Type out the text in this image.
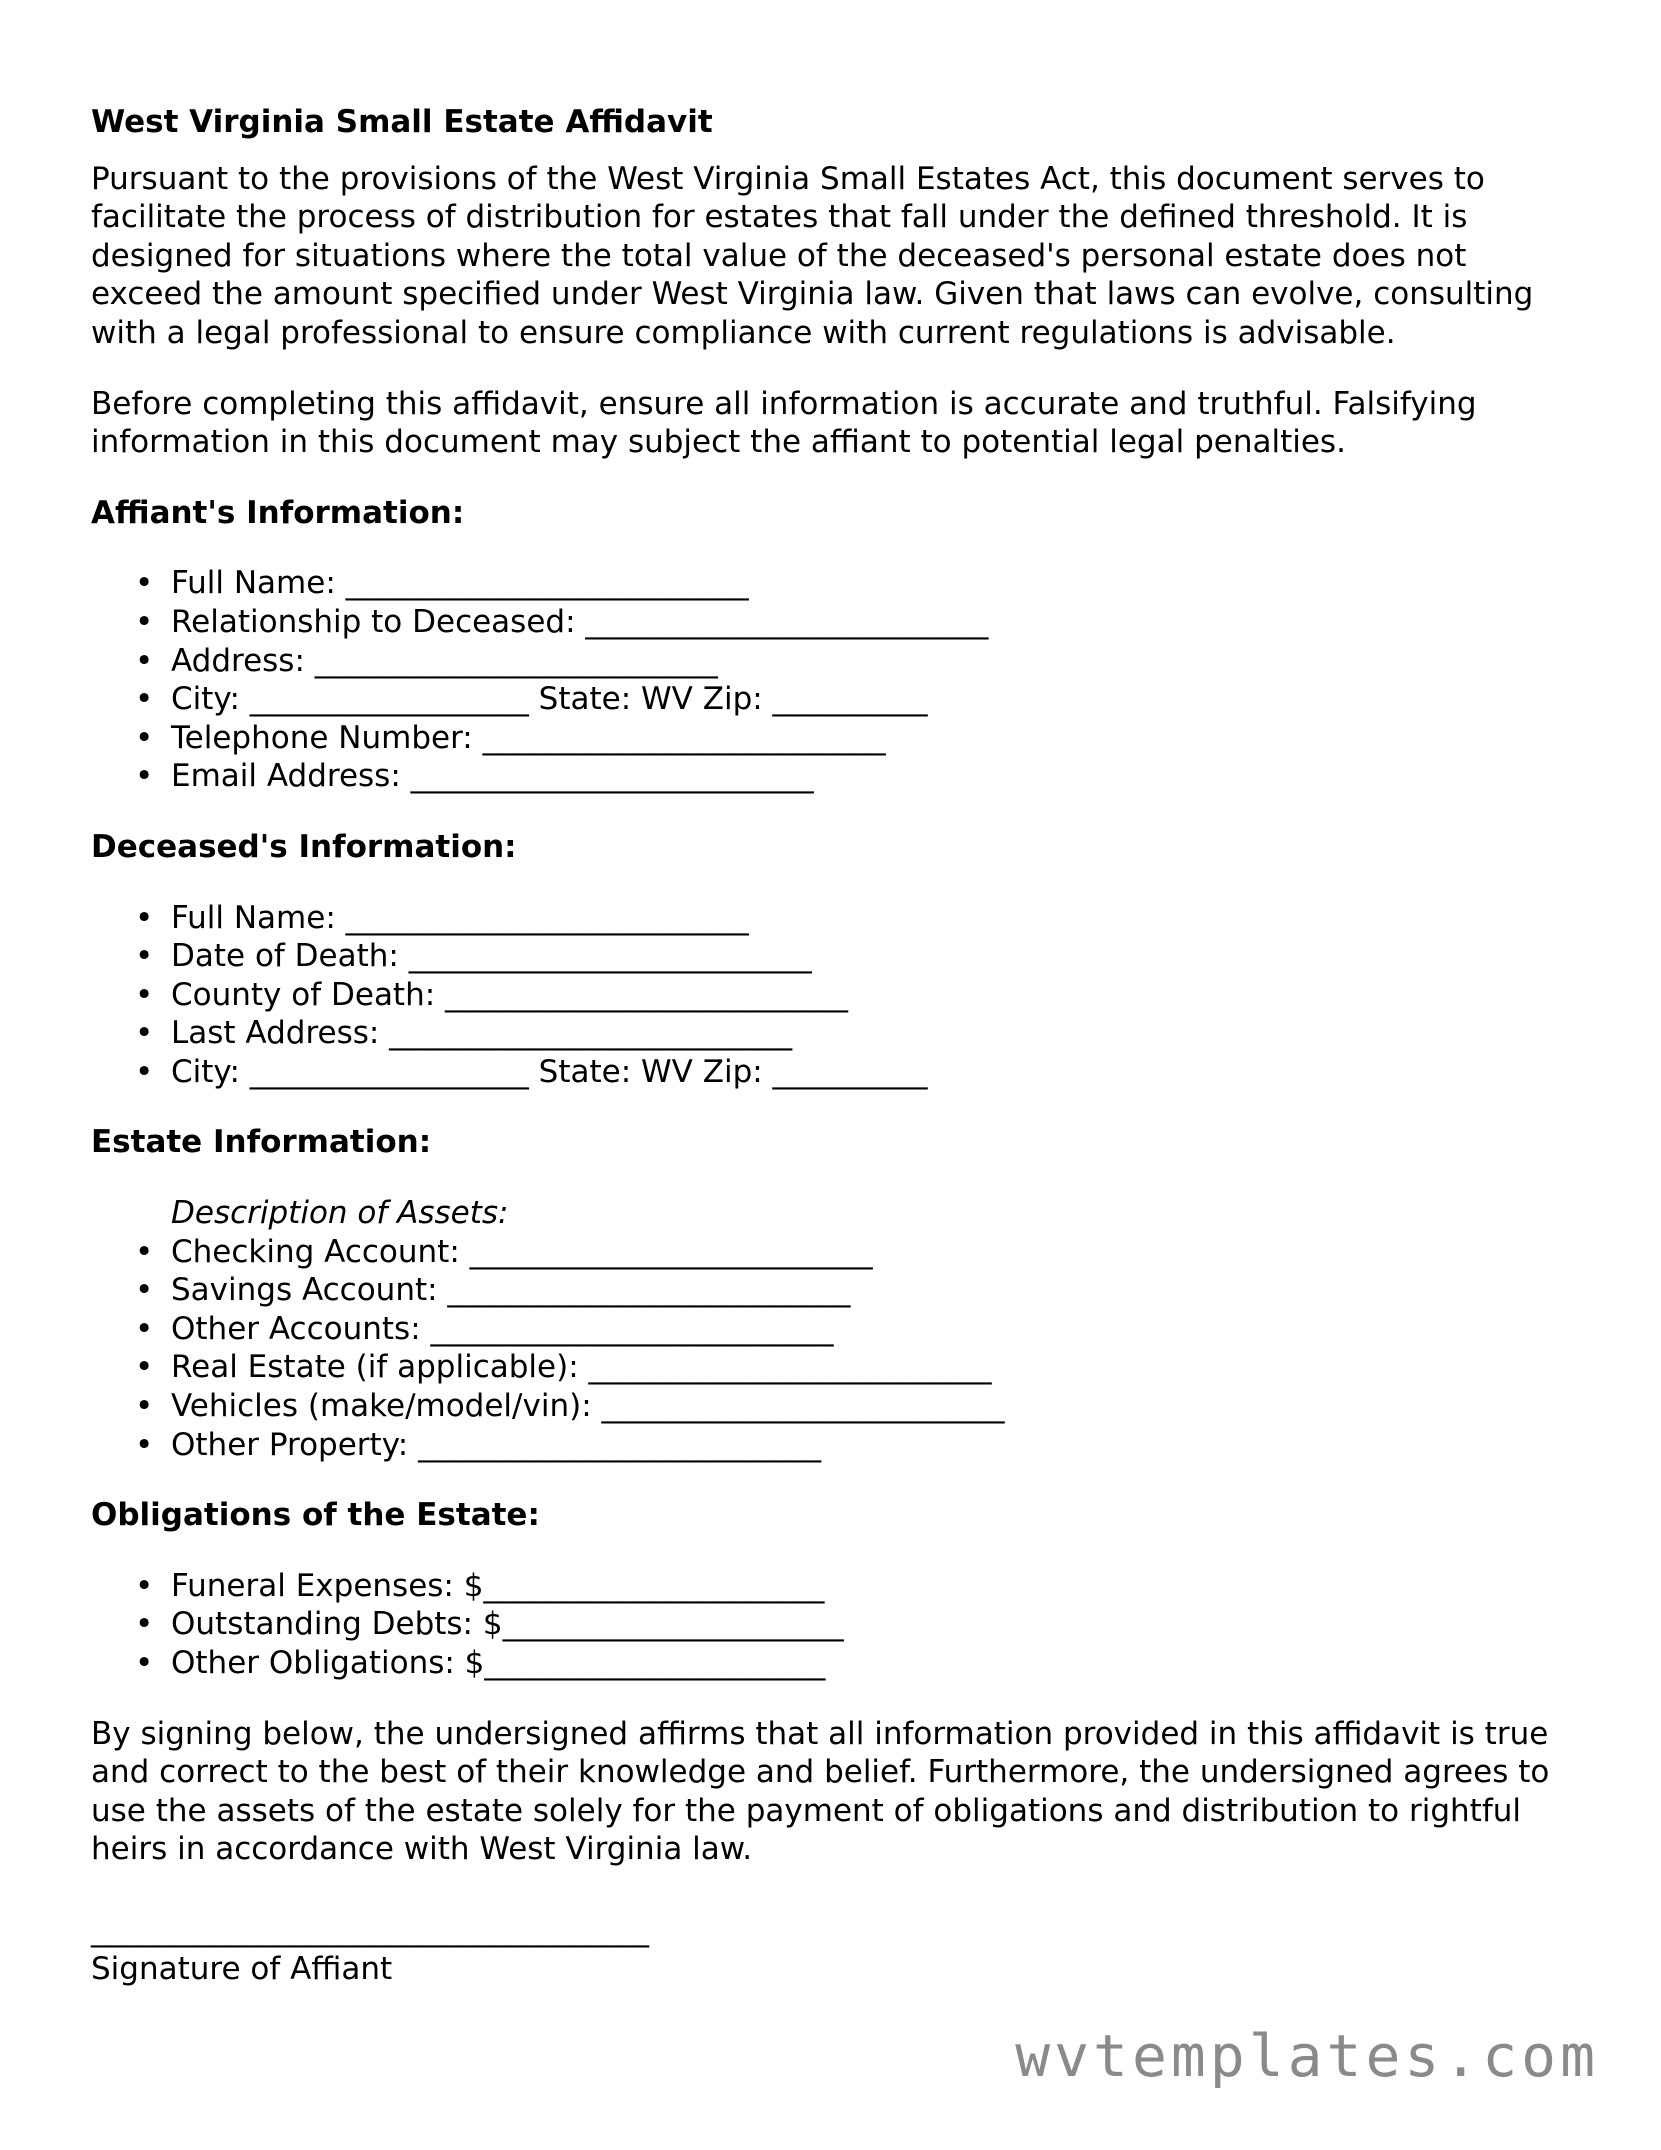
West Virginia Small Estate Affidavit
Pursuant to the provisions of the West Virginia Small Estates Act, this document serves to facilitate the process of distribution for estates that fall under the defined threshold. It is designed for situations where the total value of the deceased's personal estate does not exceed the amount specified under West Virginia law. Given that laws can evolve, consulting with a legal professional to ensure compliance with current regulations is advisable.
Before completing this affidavit, ensure all information is accurate and truthful. Falsifying information in this document may subject the affiant to potential legal penalties.
Affiant's Information:
• Full Name: __________________________
• Relationship to Deceased: __________________________
• Address: __________________________
• City: __________________ State: WV Zip: __________
• Telephone Number: __________________________
• Email Address: __________________________
Deceased's Information:
• Full Name: __________________________
• Date of Death: __________________________
• County of Death: __________________________
• Last Address: __________________________
• City: __________________ State: WV Zip: __________
Estate Information:
Description of Assets:
• Checking Account: __________________________
• Savings Account: __________________________
• Other Accounts: __________________________
• Real Estate (if applicable): __________________________
• Vehicles (make/model/vin): __________________________
• Other Property: __________________________
Obligations of the Estate:
• Funeral Expenses: $______________________
• Outstanding Debts: $______________________
• Other Obligations: $______________________
By signing below, the undersigned affirms that all information provided in this affidavit is true and correct to the best of their knowledge and belief. Furthermore, the undersigned agrees to use the assets of the estate solely for the payment of obligations and distribution to rightful heirs in accordance with West Virginia law.
____________________________________
Signature of Affiant
wvtemplates.com
